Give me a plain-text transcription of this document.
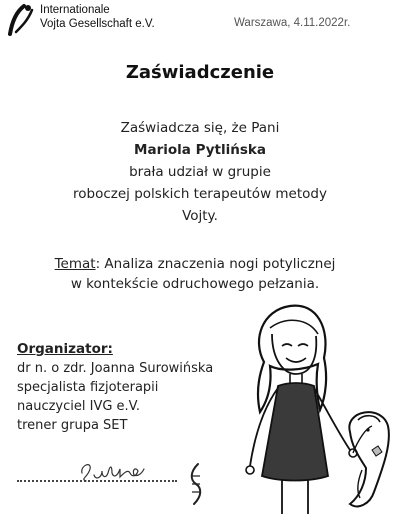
Internationale
Vojta Gesellschaft e.V.	Warszawa, 4.11.2022r.
Zaświadczenie
Zaświadcza się, że Pani
Mariola Pytlińska
brała udział w grupie
roboczej polskich terapeutów metody
Vojty.
Temat: Analiza znaczenia nogi potylicznej
w kontekście odruchowego pełzania.
Organizator:
dr n. o zdr. Joanna Surowińska
specjalista fizjoterapii
nauczyciel IVG e.V.
trener grupa SET
